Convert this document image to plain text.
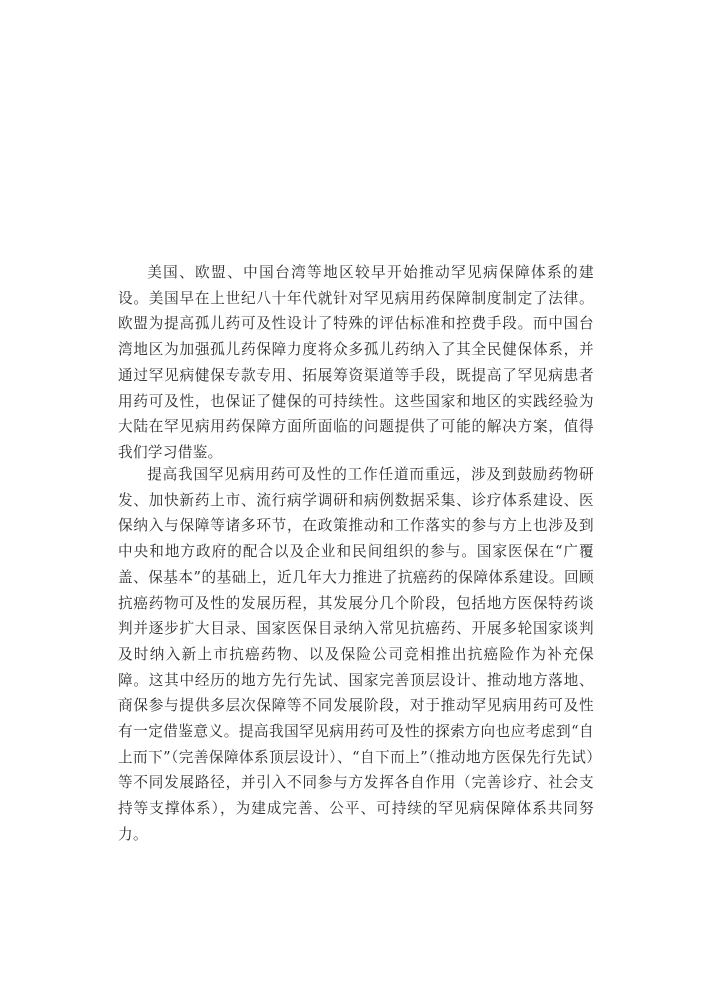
美国、欧盟、中国台湾等地区较早开始推动罕见病保障体系的建设。美国早在上世纪八十年代就针对罕见病用药保障制度制定了法律。欧盟为提高孤儿药可及性设计了特殊的评估标准和控费手段。而中国台湾地区为加强孤儿药保障力度将众多孤儿药纳入了其全民健保体系，并通过罕见病健保专款专用、拓展筹资渠道等手段，既提高了罕见病患者用药可及性，也保证了健保的可持续性。这些国家和地区的实践经验为大陆在罕见病用药保障方面所面临的问题提供了可能的解决方案，值得我们学习借鉴。

提高我国罕见病用药可及性的工作任道而重远，涉及到鼓励药物研发、加快新药上市、流行病学调研和病例数据采集、诊疗体系建设、医保纳入与保障等诸多环节，在政策推动和工作落实的参与方上也涉及到中央和地方政府的配合以及企业和民间组织的参与。国家医保在“广覆盖、保基本”的基础上，近几年大力推进了抗癌药的保障体系建设。回顾抗癌药物可及性的发展历程，其发展分几个阶段，包括地方医保特药谈判并逐步扩大目录、国家医保目录纳入常见抗癌药、开展多轮国家谈判及时纳入新上市抗癌药物、以及保险公司竞相推出抗癌险作为补充保障。这其中经历的地方先行先试、国家完善顶层设计、推动地方落地、商保参与提供多层次保障等不同发展阶段，对于推动罕见病用药可及性有一定借鉴意义。提高我国罕见病用药可及性的探索方向也应考虑到“自上而下”（完善保障体系顶层设计）、“自下而上”（推动地方医保先行先试）等不同发展路径，并引入不同参与方发挥各自作用（完善诊疗、社会支持等支撑体系），为建成完善、公平、可持续的罕见病保障体系共同努力。
